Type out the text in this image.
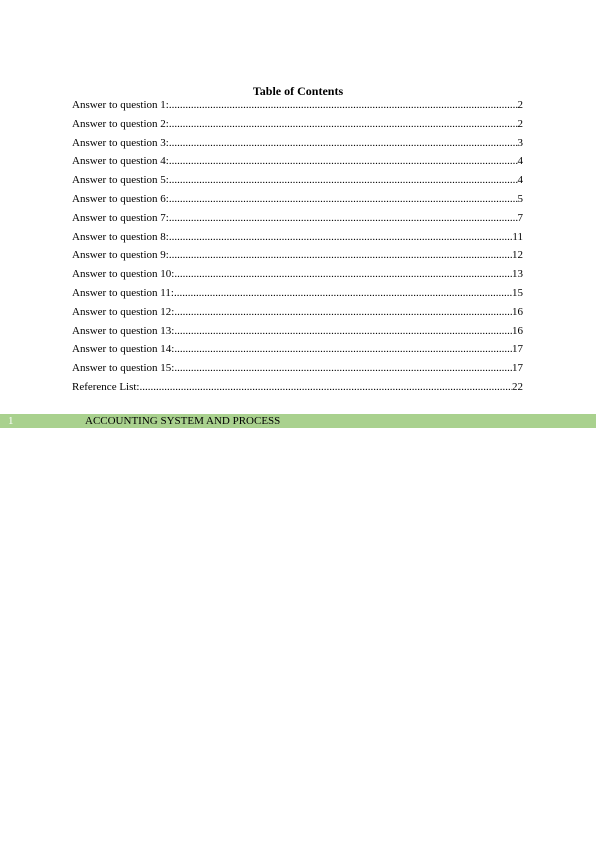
Table of Contents
Answer to question 1: .....	2
Answer to question 2: .....	2
Answer to question 3: .....	3
Answer to question 4: .....	4
Answer to question 5: .....	4
Answer to question 6: .....	5
Answer to question 7: .....	7
Answer to question 8: .....	11
Answer to question 9: .....	12
Answer to question 10: .....	13
Answer to question 11: .....	15
Answer to question 12: .....	16
Answer to question 13: .....	16
Answer to question 14: .....	17
Answer to question 15: .....	17
Reference List: .....	22
1	ACCOUNTING SYSTEM AND PROCESS
